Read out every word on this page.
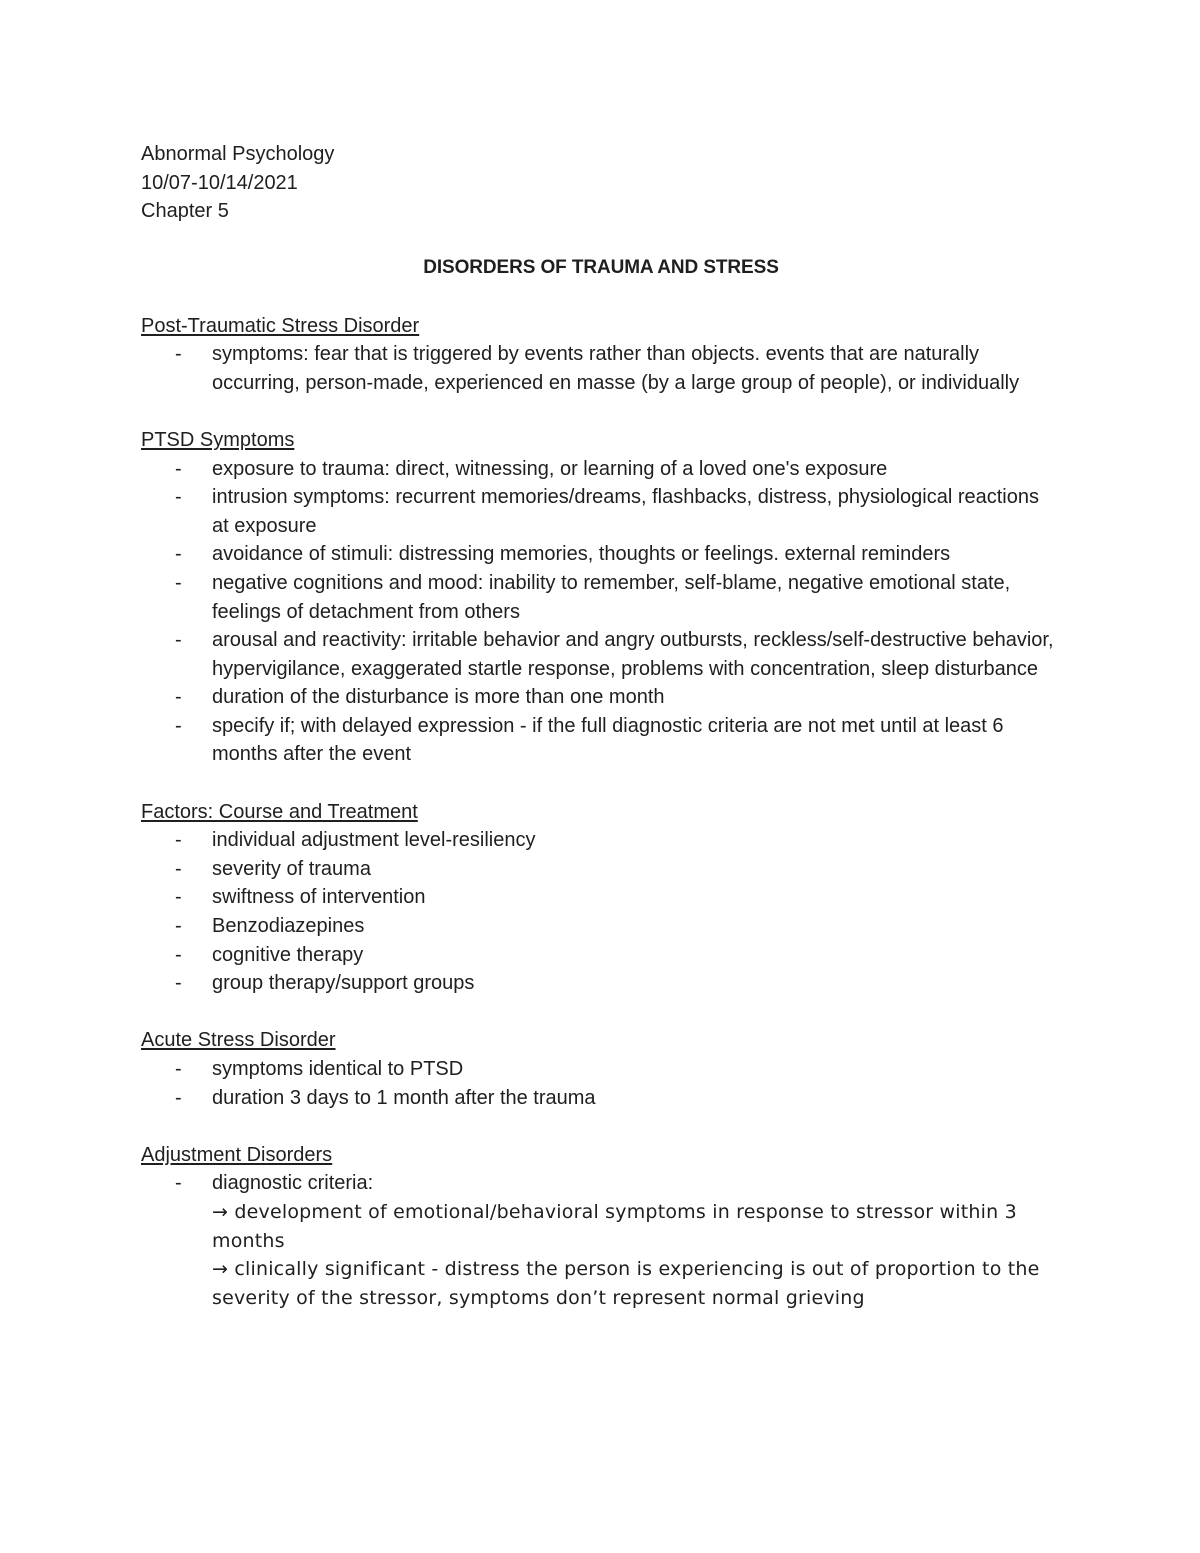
Abnormal Psychology

10/07-10/14/2021

Chapter 5

DISORDERS OF TRAUMA AND STRESS

Post-Traumatic Stress Disorder

- symptoms: fear that is triggered by events rather than objects. events that are naturally occurring, person-made, experienced en masse (by a large group of people), or individually

PTSD Symptoms

- exposure to trauma: direct, witnessing, or learning of a loved one's exposure
- intrusion symptoms: recurrent memories/dreams, flashbacks, distress, physiological reactions at exposure
- avoidance of stimuli: distressing memories, thoughts or feelings. external reminders
- negative cognitions and mood: inability to remember, self-blame, negative emotional state, feelings of detachment from others
- arousal and reactivity: irritable behavior and angry outbursts, reckless/self-destructive behavior, hypervigilance, exaggerated startle response, problems with concentration, sleep disturbance
- duration of the disturbance is more than one month
- specify if; with delayed expression - if the full diagnostic criteria are not met until at least 6 months after the event

Factors: Course and Treatment

- individual adjustment level-resiliency
- severity of trauma
- swiftness of intervention
- Benzodiazepines
- cognitive therapy
- group therapy/support groups

Acute Stress Disorder

- symptoms identical to PTSD
- duration 3 days to 1 month after the trauma

Adjustment Disorders

- diagnostic criteria:

→ development of emotional/behavioral symptoms in response to stressor within 3 months

→ clinically significant - distress the person is experiencing is out of proportion to the severity of the stressor, symptoms don’t represent normal grieving
